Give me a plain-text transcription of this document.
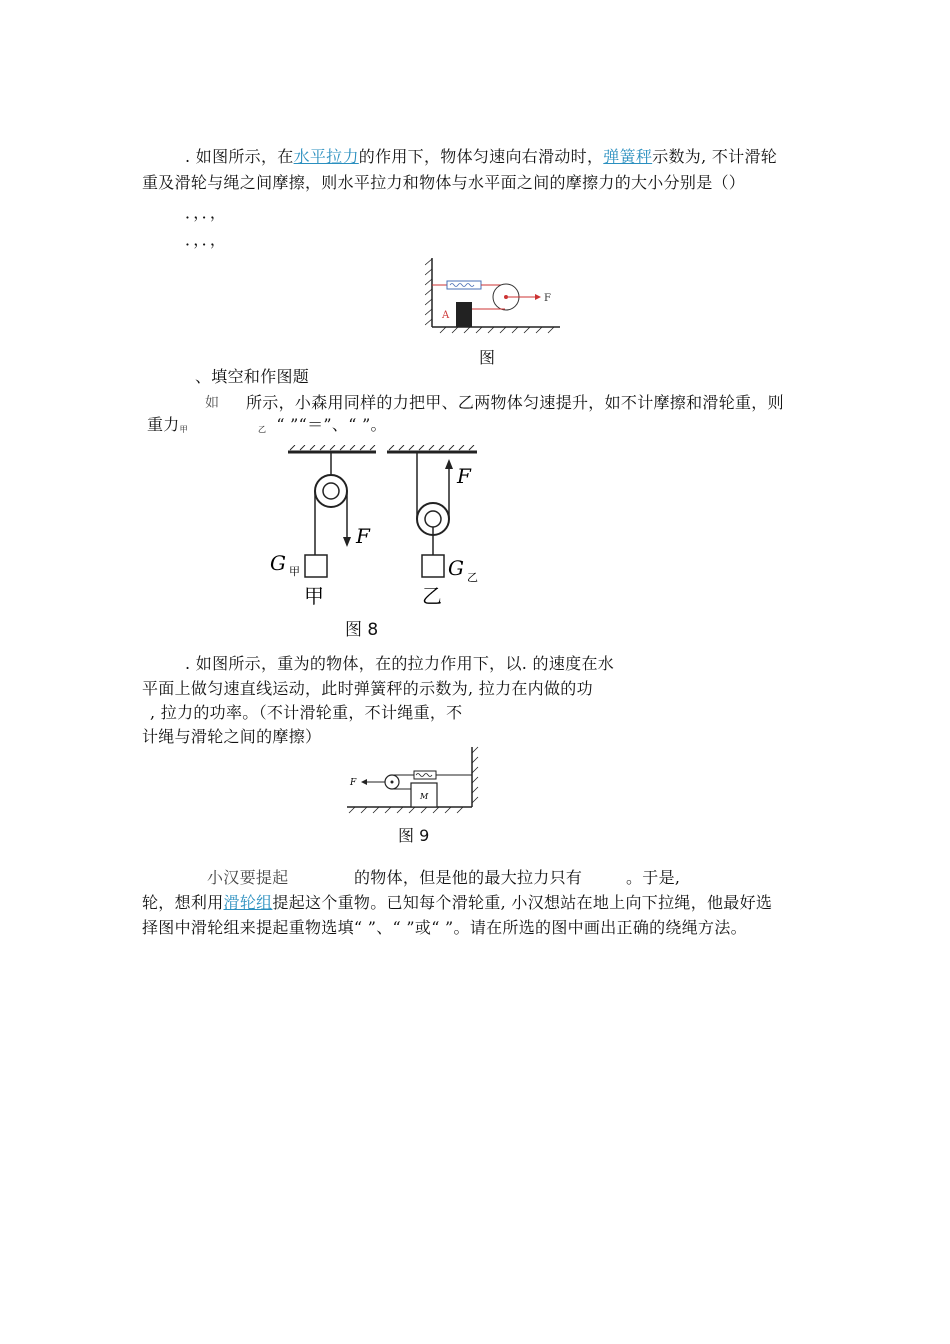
. 如图所示，在水平拉力的作用下，物体匀速向右滑动时，弹簧秤示数为, 不计滑轮
重及滑轮与绳之间摩擦，则水平拉力和物体与水平面之间的摩擦力的大小分别是（）
．，．，
．，．，
A
F
图
、填空和作图题
如 所示，小森用同样的力把甲、乙两物体匀速提升，如不计摩擦和滑轮重，则
重力甲	乙 “ ”“＝”、“ ”。
F
G 甲
甲
F
G 乙
乙
图 8
. 如图所示，重为的物体，在的拉力作用下，以. 的速度在水
平面上做匀速直线运动，此时弹簧秤的示数为, 拉力在内做的功
, 拉力的功率。（不计滑轮重，不计绳重，不
计绳与滑轮之间的摩擦）
M
F
图 9
小汉要提起	的物体，但是他的最大拉力只有	。于是,
轮，想利用滑轮组提起这个重物。已知每个滑轮重, 小汉想站在地上向下拉绳，他最好选
择图中滑轮组来提起重物选填“ ”、“ ”或“ ”。请在所选的图中画出正确的绕绳方法。
